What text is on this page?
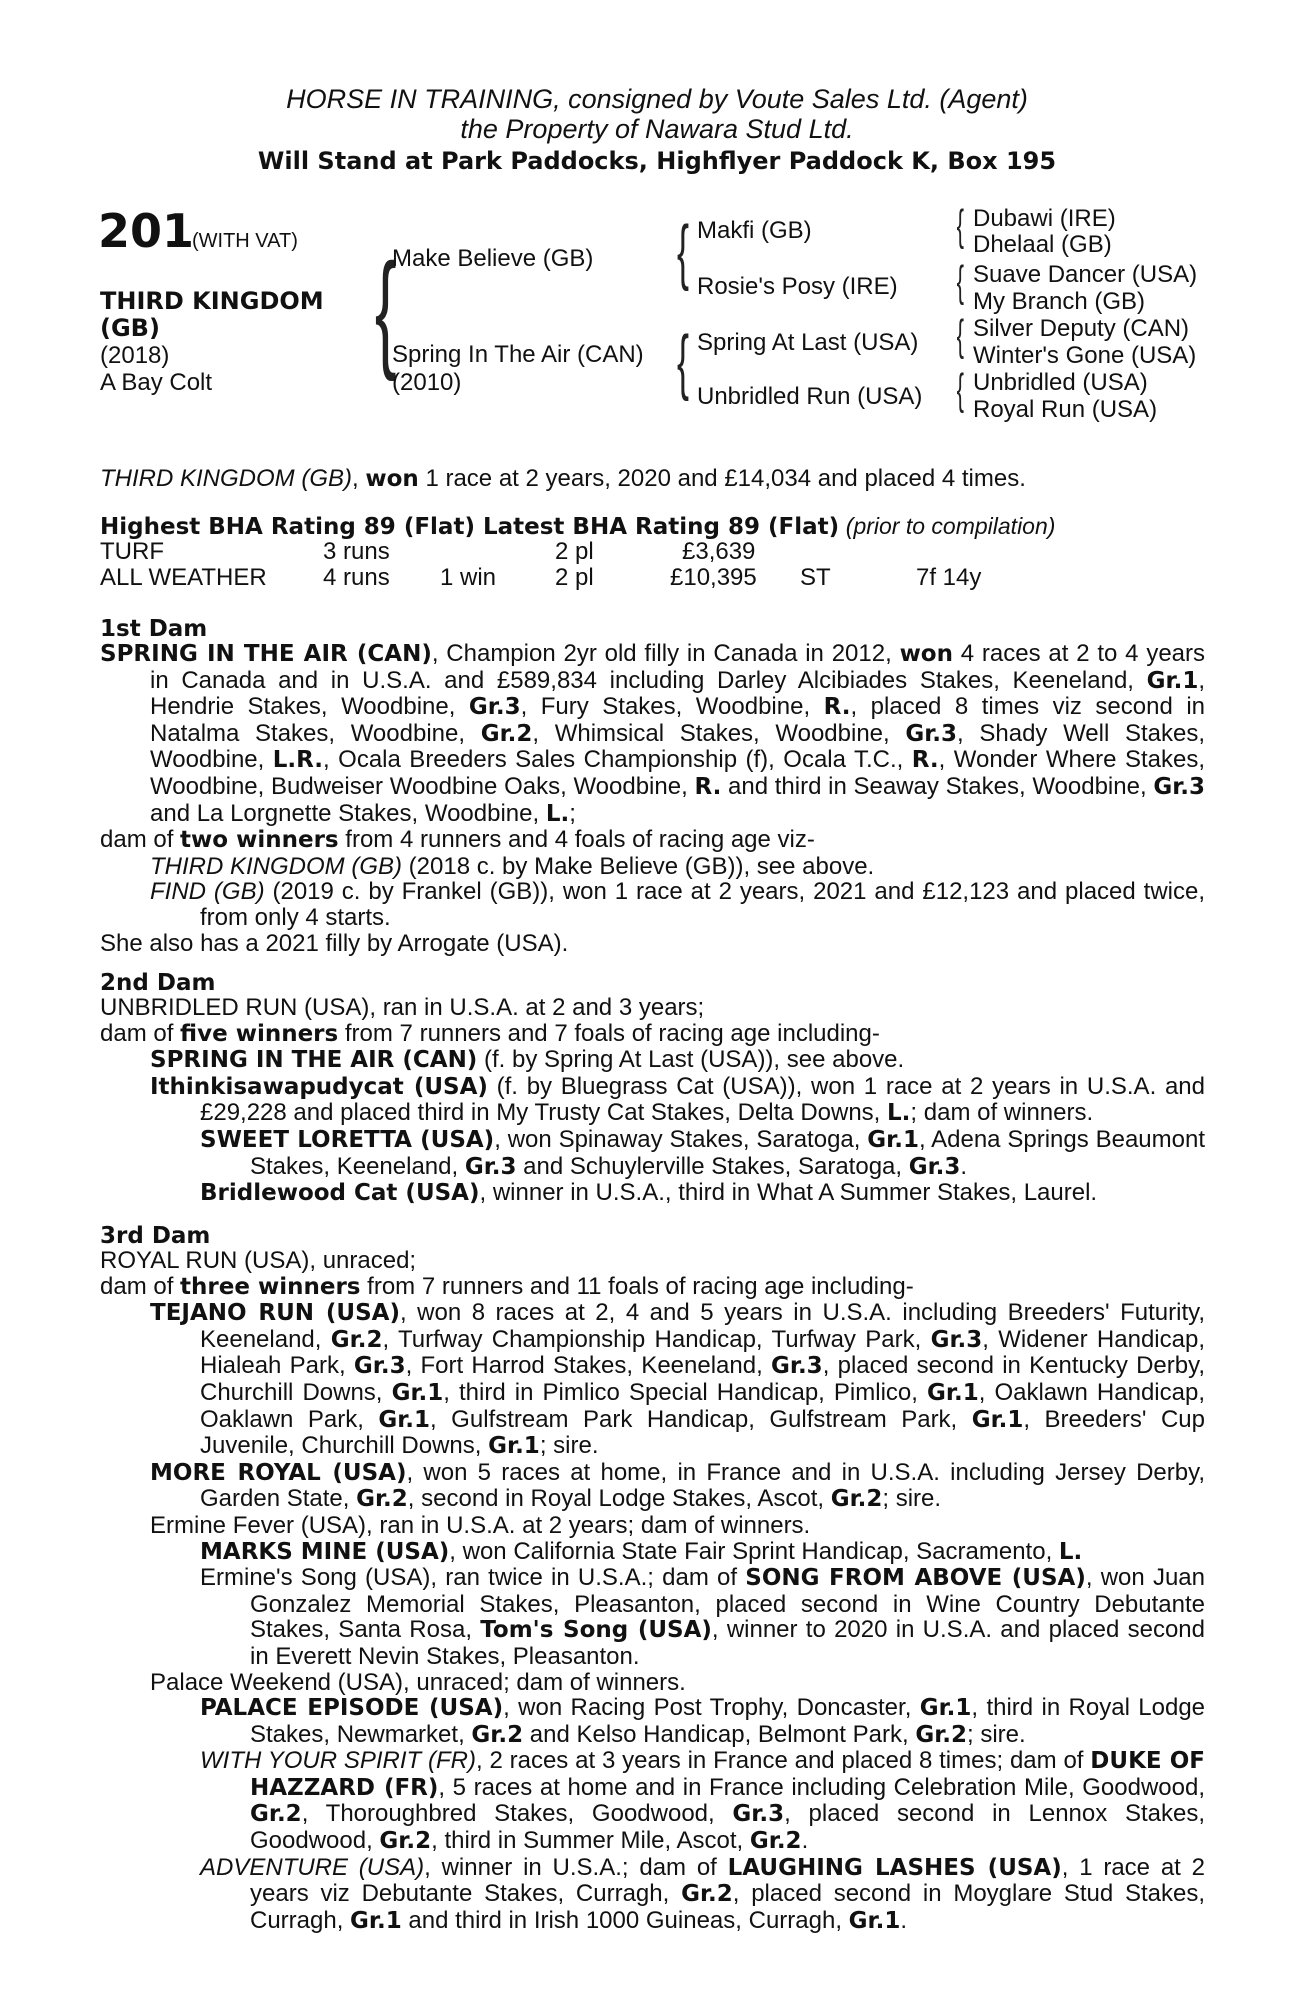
HORSE IN TRAINING, consigned by Voute Sales Ltd. (Agent)
the Property of Nawara Stud Ltd.
Will Stand at Park Paddocks, Highflyer Paddock K, Box 195
201
(WITH VAT)
THIRD KINGDOM
(GB)
(2018)
A Bay Colt
{
Make Believe (GB)
Spring In The Air (CAN)
(2010)
{ Makfi (GB)
Rosie's Posy (IRE)
{ Spring At Last (USA)
Unbridled Run (USA)
{ Dubawi (IRE)
Dhelaal (GB)
{ Suave Dancer (USA)
My Branch (GB)
{ Silver Deputy (CAN)
Winter's Gone (USA)
{ Unbridled (USA)
Royal Run (USA)
THIRD KINGDOM (GB), won 1 race at 2 years, 2020 and £14,034 and placed 4 times.
Highest BHA Rating 89 (Flat) Latest BHA Rating 89 (Flat) (prior to compilation)
TURF	3 runs	2 pl	£3,639
ALL WEATHER 4 runs 1 win 2 pl	£10,395 ST	7f 14y
1st Dam
SPRING IN THE AIR (CAN), Champion 2yr old filly in Canada in 2012, won 4 races at 2 to 4 years in Canada and in U.S.A. and £589,834 including Darley Alcibiades Stakes, Keeneland, Gr.1, Hendrie Stakes, Woodbine, Gr.3, Fury Stakes, Woodbine, R., placed 8 times viz second in Natalma Stakes, Woodbine, Gr.2, Whimsical Stakes, Woodbine, Gr.3, Shady Well Stakes, Woodbine, L.R., Ocala Breeders Sales Championship (f), Ocala T.C., R., Wonder Where Stakes, Woodbine, Budweiser Woodbine Oaks, Woodbine, R. and third in Seaway Stakes, Woodbine, Gr.3 and La Lorgnette Stakes, Woodbine, L.;
dam of two winners from 4 runners and 4 foals of racing age viz-
THIRD KINGDOM (GB) (2018 c. by Make Believe (GB)), see above.
FIND (GB) (2019 c. by Frankel (GB)), won 1 race at 2 years, 2021 and £12,123 and placed twice, from only 4 starts.
She also has a 2021 filly by Arrogate (USA).
2nd Dam
UNBRIDLED RUN (USA), ran in U.S.A. at 2 and 3 years;
dam of five winners from 7 runners and 7 foals of racing age including-
SPRING IN THE AIR (CAN) (f. by Spring At Last (USA)), see above.
Ithinkisawapudycat (USA) (f. by Bluegrass Cat (USA)), won 1 race at 2 years in U.S.A. and £29,228 and placed third in My Trusty Cat Stakes, Delta Downs, L.; dam of winners.
SWEET LORETTA (USA), won Spinaway Stakes, Saratoga, Gr.1, Adena Springs Beaumont Stakes, Keeneland, Gr.3 and Schuylerville Stakes, Saratoga, Gr.3.
Bridlewood Cat (USA), winner in U.S.A., third in What A Summer Stakes, Laurel.
3rd Dam
ROYAL RUN (USA), unraced;
dam of three winners from 7 runners and 11 foals of racing age including-
TEJANO RUN (USA), won 8 races at 2, 4 and 5 years in U.S.A. including Breeders' Futurity, Keeneland, Gr.2, Turfway Championship Handicap, Turfway Park, Gr.3, Widener Handicap, Hialeah Park, Gr.3, Fort Harrod Stakes, Keeneland, Gr.3, placed second in Kentucky Derby, Churchill Downs, Gr.1, third in Pimlico Special Handicap, Pimlico, Gr.1, Oaklawn Handicap, Oaklawn Park, Gr.1, Gulfstream Park Handicap, Gulfstream Park, Gr.1, Breeders' Cup Juvenile, Churchill Downs, Gr.1; sire.
MORE ROYAL (USA), won 5 races at home, in France and in U.S.A. including Jersey Derby, Garden State, Gr.2, second in Royal Lodge Stakes, Ascot, Gr.2; sire.
Ermine Fever (USA), ran in U.S.A. at 2 years; dam of winners.
MARKS MINE (USA), won California State Fair Sprint Handicap, Sacramento, L.
Ermine's Song (USA), ran twice in U.S.A.; dam of SONG FROM ABOVE (USA), won Juan Gonzalez Memorial Stakes, Pleasanton, placed second in Wine Country Debutante Stakes, Santa Rosa, Tom's Song (USA), winner to 2020 in U.S.A. and placed second in Everett Nevin Stakes, Pleasanton.
Palace Weekend (USA), unraced; dam of winners.
PALACE EPISODE (USA), won Racing Post Trophy, Doncaster, Gr.1, third in Royal Lodge Stakes, Newmarket, Gr.2 and Kelso Handicap, Belmont Park, Gr.2; sire.
WITH YOUR SPIRIT (FR), 2 races at 3 years in France and placed 8 times; dam of DUKE OF HAZZARD (FR), 5 races at home and in France including Celebration Mile, Goodwood, Gr.2, Thoroughbred Stakes, Goodwood, Gr.3, placed second in Lennox Stakes, Goodwood, Gr.2, third in Summer Mile, Ascot, Gr.2.
ADVENTURE (USA), winner in U.S.A.; dam of LAUGHING LASHES (USA), 1 race at 2 years viz Debutante Stakes, Curragh, Gr.2, placed second in Moyglare Stud Stakes, Curragh, Gr.1 and third in Irish 1000 Guineas, Curragh, Gr.1.
